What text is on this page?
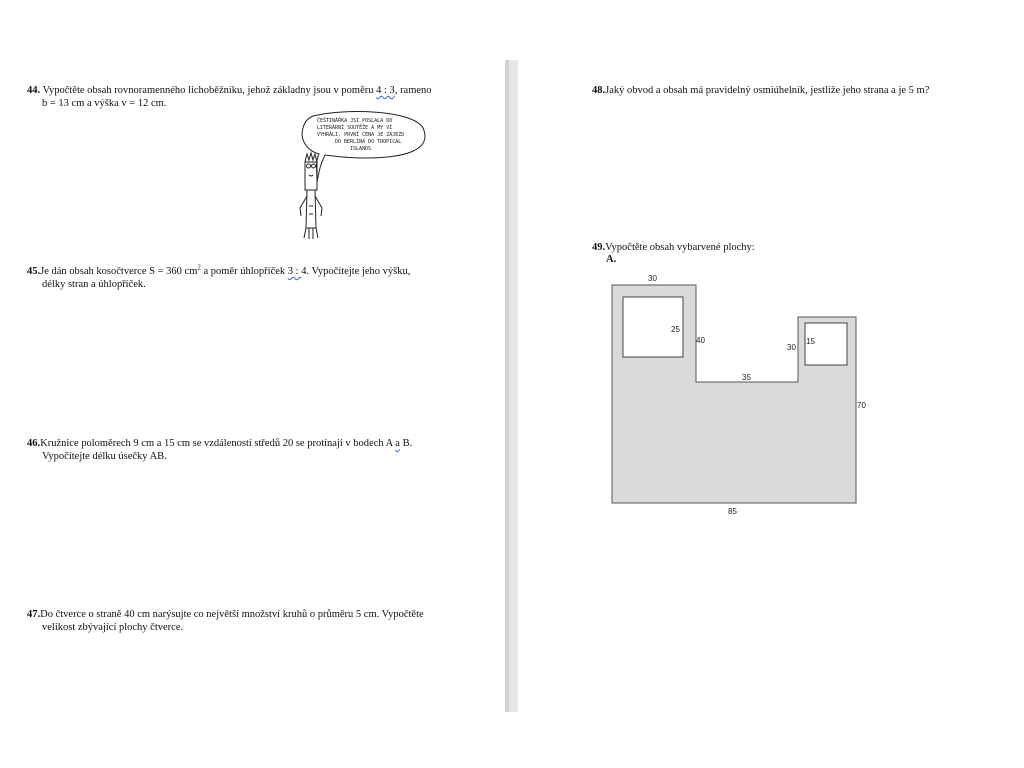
44. Vypočtěte obsah rovnoramenného lichoběžníku, jehož základny jsou v poměru 4 : 3, rameno
b = 13 cm a výška v = 12 cm.
ČEŠTINÁŘKA JSI POSLALA DO
LITERÁRNÍ SOUTĚŽE A MY VÍ
VYHRÁLI, PRVNÍ CENA JE ZÁJEZD
DO BERLÍNA DO TROPICAL
ISLANDS
45.Je dán obsah kosočtverce S = 360 $cm^2$ a poměr úhlopříček 3 : 4. Vypočítejte jeho výšku,
délky stran a úhlopříček.
46.Kružnice poloměrech 9 cm a 15 cm se vzdáleností středů 20 se protínají v bodech A a B.
Vypočítejte délku úsečky AB.
47.Do čtverce o straně 40 cm narýsujte co největší množství kruhů o průměru 5 cm. Vypočtěte
velikost zbývající plochy čtverce.
48.Jaký obvod a obsah má pravidelný osmiúhelník, jestliže jeho strana a je 5 m?
49.Vypočtěte obsah vybarvené plochy:
A.
30
25
40
35
30
15
70
85
